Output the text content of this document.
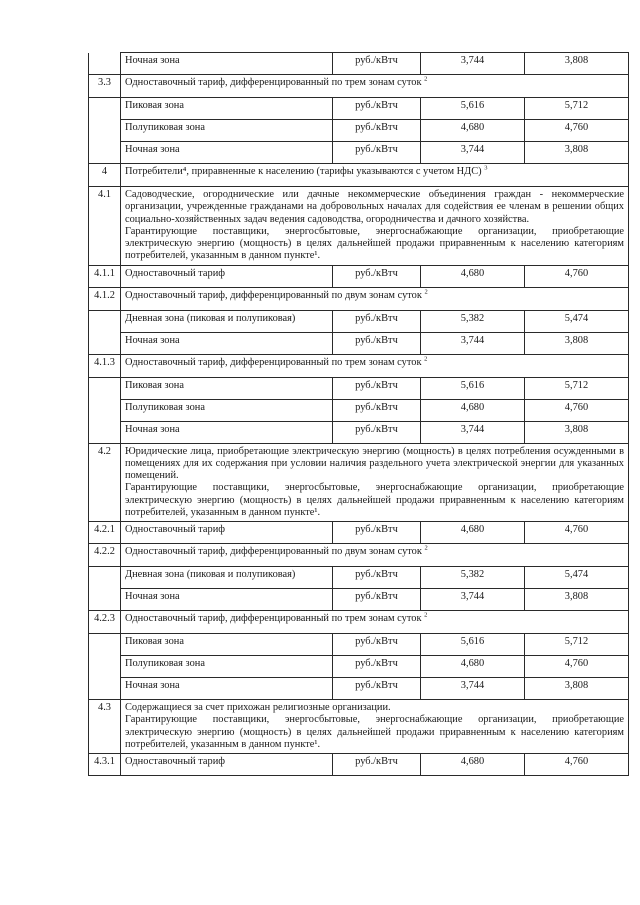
	Ночная зона	руб./кВтч	3,744	3,808
3.3	Одноставочный тариф, дифференцированный по трем зонам суток $^2$
	Пиковая зона	руб./кВтч	5,616	5,712
	Полупиковая зона	руб./кВтч	4,680	4,760
	Ночная зона	руб./кВтч	3,744	3,808
4	Потребители⁴, приравненные к населению (тарифы указываются с учетом НДС) $^3$
4.1	Садоводческие, огороднические или дачные некоммерческие объединения граждан - некоммерческие организации, учрежденные гражданами на добровольных началах для содействия ее членам в решении общих социально-хозяйственных задач ведения садоводства, огородничества и дачного хозяйства.
Гарантирующие поставщики, энергосбытовые, энергоснабжающие организации, приобретающие электрическую энергию (мощность) в целях дальнейшей продажи приравненным к населению категориям потребителей, указанным в данном пункте¹.			

4.1.1	Одноставочный тариф	руб./кВтч	4,680	4,760
4.1.2	Одноставочный тариф, дифференцированный по двум зонам суток $^2$
	Дневная зона (пиковая и полупиковая)	руб./кВтч	5,382	5,474
	Ночная зона	руб./кВтч	3,744	3,808
4.1.3	Одноставочный тариф, дифференцированный по трем зонам суток $^2$
	Пиковая зона	руб./кВтч	5,616	5,712
	Полупиковая зона	руб./кВтч	4,680	4,760
	Ночная зона	руб./кВтч	3,744	3,808
4.2	Юридические лица, приобретающие электрическую энергию (мощность) в целях потребления осужденными в помещениях для их содержания при условии наличия раздельного учета электрической энергии для указанных помещений.
Гарантирующие поставщики, энергосбытовые, энергоснабжающие организации, приобретающие электрическую энергию (мощность) в целях дальнейшей продажи приравненным к населению категориям потребителей, указанным в данном пункте¹.			

4.2.1	Одноставочный тариф	руб./кВтч	4,680	4,760
4.2.2	Одноставочный тариф, дифференцированный по двум зонам суток $^2$
	Дневная зона (пиковая и полупиковая)	руб./кВтч	5,382	5,474
	Ночная зона	руб./кВтч	3,744	3,808
4.2.3	Одноставочный тариф, дифференцированный по трем зонам суток $^2$
	Пиковая зона	руб./кВтч	5,616	5,712
	Полупиковая зона	руб./кВтч	4,680	4,760
	Ночная зона	руб./кВтч	3,744	3,808
4.3	Содержащиеся за счет прихожан религиозные организации.
Гарантирующие поставщики, энергосбытовые, энергоснабжающие организации, приобретающие электрическую энергию (мощность) в целях дальнейшей продажи приравненным к населению категориям потребителей, указанным в данном пункте¹.			

4.3.1	Одноставочный тариф	руб./кВтч	4,680	4,760
